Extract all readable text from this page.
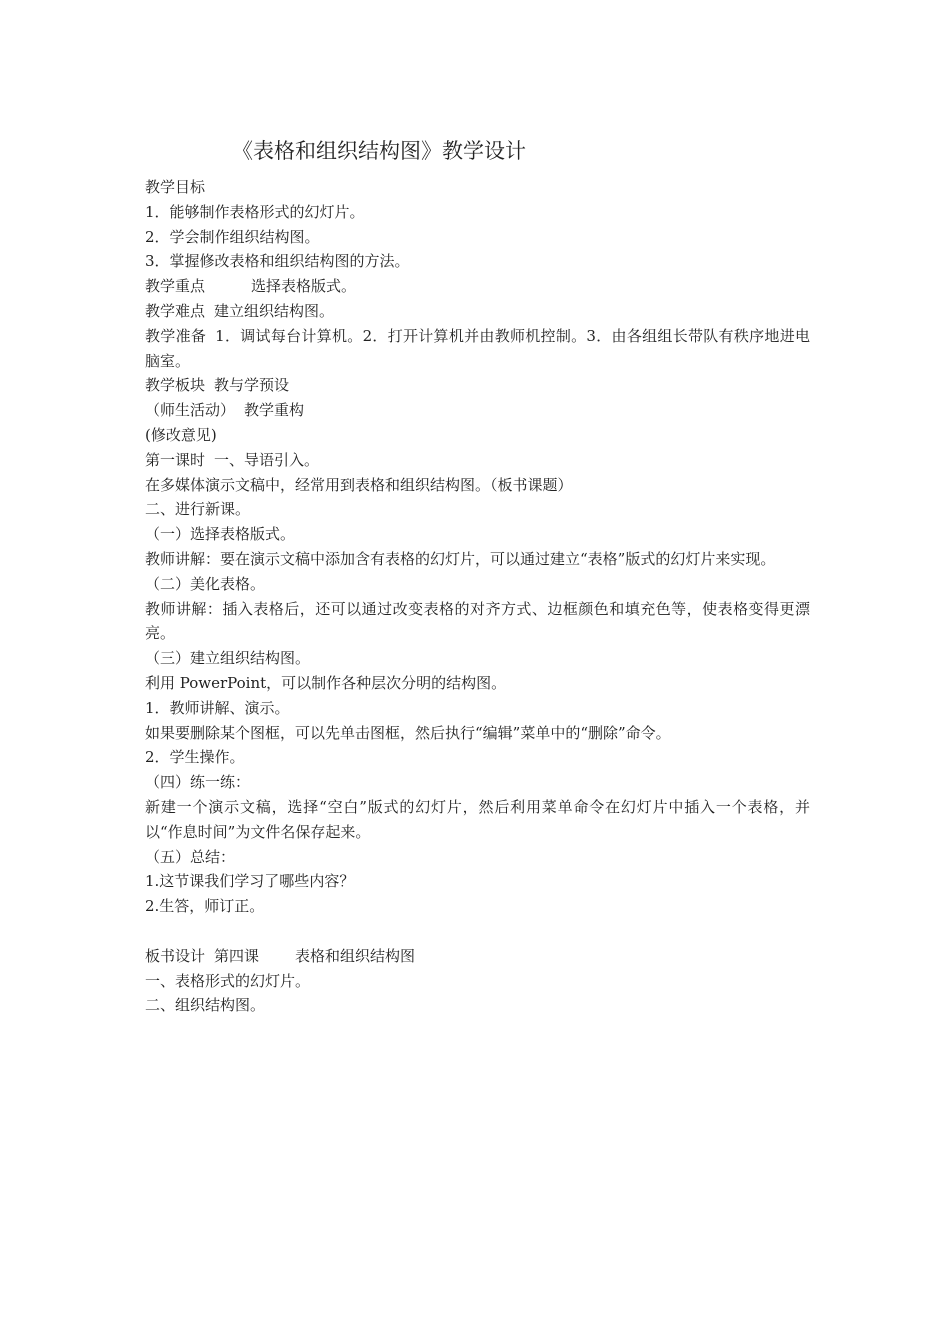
《表格和组织结构图》教学设计

教学目标

1．能够制作表格形式的幻灯片。

2．学会制作组织结构图。

3．掌握修改表格和组织结构图的方法。

教学重点	选择表格版式。

教学难点 建立组织结构图。

教学准备 1．调试每台计算机。2．打开计算机并由教师机控制。3．由各组组长带队有秩序地进电脑室。

教学板块 教与学预设

（师生活动） 教学重构

(修改意见)

第一课时 一、导语引入。

在多媒体演示文稿中，经常用到表格和组织结构图。（板书课题）

二、进行新课。

（一）选择表格版式。

教师讲解：要在演示文稿中添加含有表格的幻灯片，可以通过建立“表格”版式的幻灯片来实现。

（二）美化表格。

教师讲解：插入表格后，还可以通过改变表格的对齐方式、边框颜色和填充色等，使表格变得更漂亮。

（三）建立组织结构图。

利用 PowerPoint，可以制作各种层次分明的结构图。

1．教师讲解、演示。

如果要删除某个图框，可以先单击图框，然后执行“编辑”菜单中的“删除”命令。

2．学生操作。

（四）练一练：

新建一个演示文稿，选择“空白”版式的幻灯片，然后利用菜单命令在幻灯片中插入一个表格，并以“作息时间”为文件名保存起来。

（五）总结：

1.这节课我们学习了哪些内容？

2.生答，师订正。

板书设计 第四课 表格和组织结构图

一、表格形式的幻灯片。

二、组织结构图。
